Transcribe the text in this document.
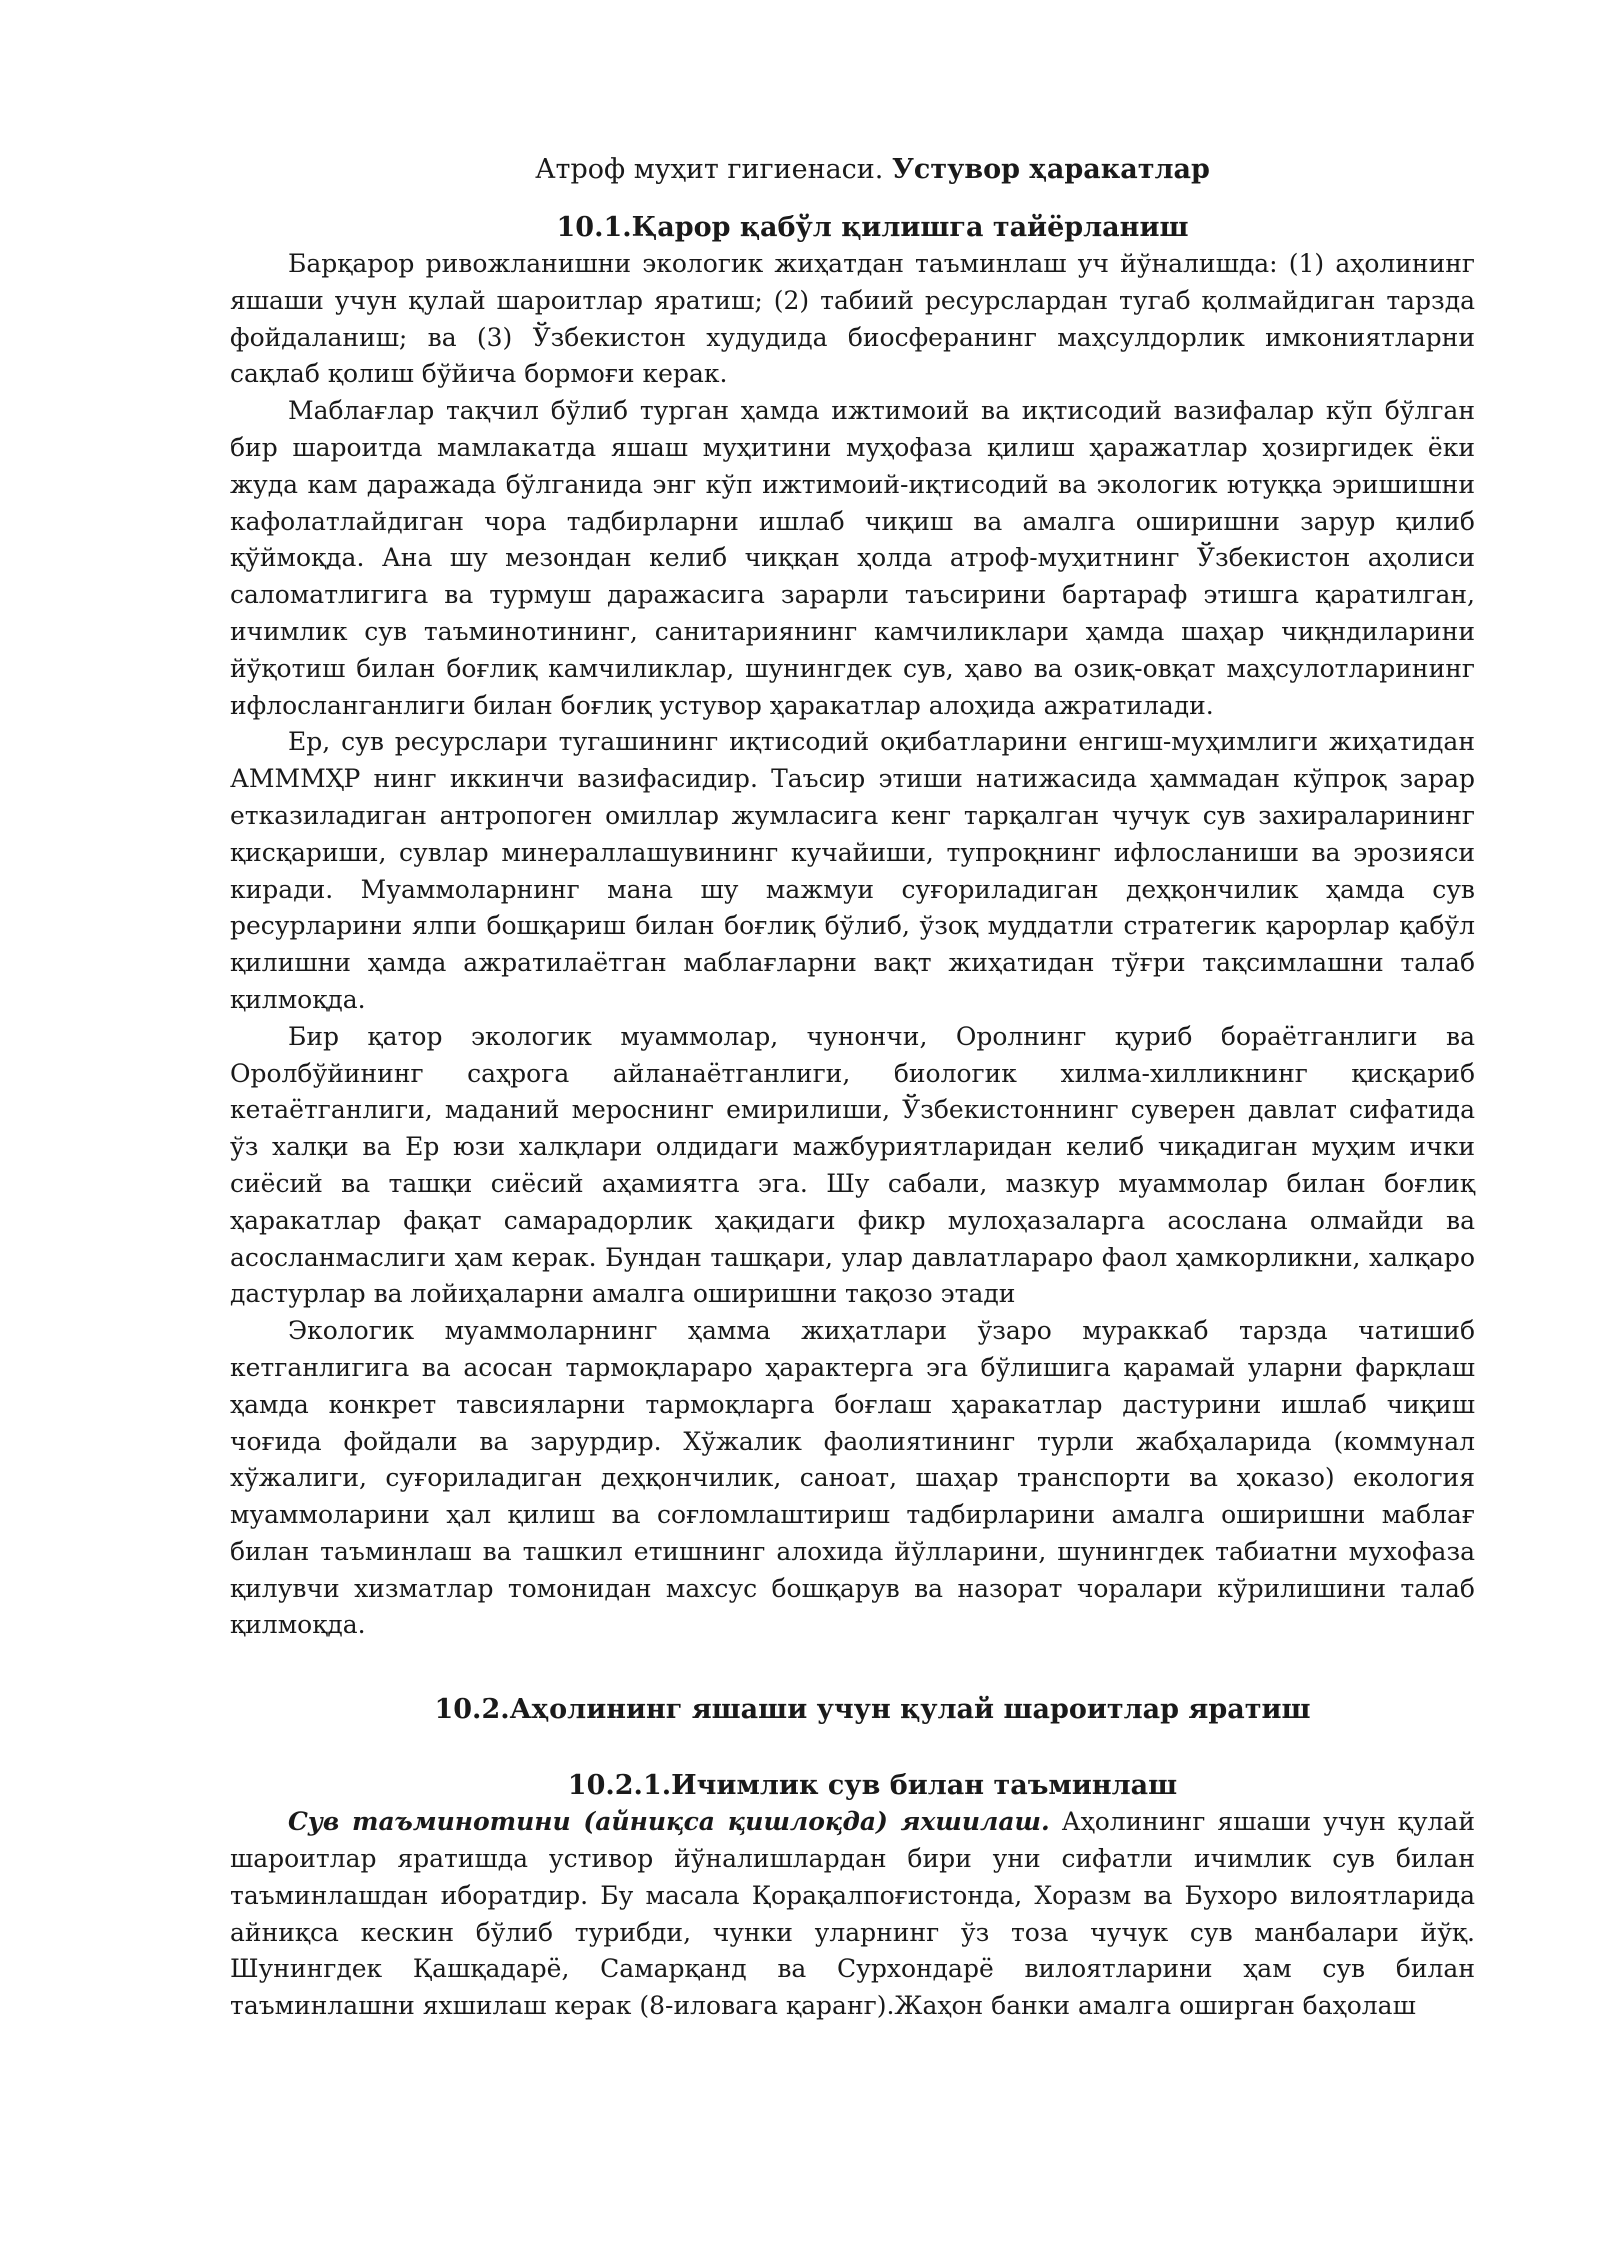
Атроф муҳит гигиенаси. Устувор ҳаракатлар
10.1.Қарор қабўл қилишга тайёрланиш

Барқарор ривожланишни экологик жиҳатдан таъминлаш уч йўналишда: (1) аҳолининг яшаши учун қулай шароитлар яратиш; (2) табиий ресурслардан тугаб қолмайдиган тарзда фойдаланиш; ва (3) Ўзбекистон худудида биосферанинг маҳсулдорлик имкониятларни сақлаб қолиш бўйича бормоғи керак.

Маблағлар тақчил бўлиб турган ҳамда ижтимоий ва иқтисодий вазифалар кўп бўлган бир шароитда мамлакатда яшаш муҳитини муҳофаза қилиш ҳаражатлар ҳозиргидек ёки жуда кам даражада бўлганида энг кўп ижтимоий-иқтисодий ва экологик ютуққа эришишни кафолатлайдиган чора тадбирларни ишлаб чиқиш ва амалга оширишни зарур қилиб қўймоқда. Ана шу мезондан келиб чиққан ҳолда атроф-муҳитнинг Ўзбекистон аҳолиси саломатлигига ва турмуш даражасига зарарли таъсирини бартараф этишга қаратилган, ичимлик сув таъминотининг, санитариянинг камчиликлари ҳамда шаҳар чиқндиларини йўқотиш билан боғлиқ камчиликлар, шунингдек сув, ҳаво ва озиқ-овқат маҳсулотларининг ифлосланганлиги билан боғлиқ устувор ҳаракатлар алоҳида ажратилади.

Ер, сув ресурслари тугашининг иқтисодий оқибатларини енгиш-муҳимлиги жиҳатидан АМММҲР нинг иккинчи вазифасидир. Таъсир этиши натижасида ҳаммадан кўпроқ зарар етказиладиган антропоген омиллар жумласига кенг тарқалган чучук сув захираларининг қисқариши, сувлар минераллашувининг кучайиши, тупроқнинг ифлосланиши ва эрозияси киради. Муаммоларнинг мана шу мажмуи суғориладиган деҳқончилик ҳамда сув ресурларини ялпи бошқариш билан боғлиқ бўлиб, ўзоқ муддатли стратегик қарорлар қабўл қилишни ҳамда ажратилаётган маблағларни вақт жиҳатидан тўғри тақсимлашни талаб қилмоқда.

Бир қатор экологик муаммолар, чунончи, Оролнинг қуриб бораётганлиги ва Оролбўйининг саҳрога айланаётганлиги, биологик хилма-хилликнинг қисқариб кетаётганлиги, маданий мероснинг емирилиши, Ўзбекистоннинг суверен давлат сифатида ўз халқи ва Ер юзи халқлари олдидаги мажбуриятларидан келиб чиқадиган муҳим ички сиёсий ва ташқи сиёсий аҳамиятга эга. Шу сабали, мазкур муаммолар билан боғлиқ ҳаракатлар фақат самарадорлик ҳақидаги фикр мулоҳазаларга асослана олмайди ва асосланмаслиги ҳам керак. Бундан ташқари, улар давлатлараро фаол ҳамкорликни, халқаро дастурлар ва лойиҳаларни амалга оширишни тақозо этади

Экологик муаммоларнинг ҳамма жиҳатлари ўзаро мураккаб тарзда чатишиб кетганлигига ва асосан тармоқлараро ҳарактерга эга бўлишига қарамай уларни фарқлаш ҳамда конкрет тавсияларни тармоқларга боғлаш ҳаракатлар дастурини ишлаб чиқиш чоғида фойдали ва зарурдир. Хўжалик фаолиятининг турли жабҳаларида (коммунал хўжалиги, суғориладиган деҳқончилик, саноат, шаҳар транспорти ва ҳоказо) екология муаммоларини ҳал қилиш ва соғломлаштириш тадбирларини амалга оширишни маблағ билан таъминлаш ва ташкил етишнинг алохида йўлларини, шунингдек табиатни мухофаза қилувчи хизматлар томонидан махсус бошқарув ва назорат чоралари кўрилишини талаб қилмоқда.

10.2.Аҳолининг яшаши учун қулай шароитлар яратиш
10.2.1.Ичимлик сув билан таъминлаш

Сув таъминотини (айниқса қишлоқда) яхшилаш. Аҳолининг яшаши учун қулай шароитлар яратишда устивор йўналишлардан бири уни сифатли ичимлик сув билан таъминлашдан иборатдир. Бу масала Қорақалпоғистонда, Хоразм ва Бухоро вилоятларида айниқса кескин бўлиб турибди, чунки уларнинг ўз тоза чучук сув манбалари йўқ. Шунингдек Қашқадарё, Самарқанд ва Сурхондарё вилоятларини ҳам сув билан таъминлашни яхшилаш керак (8-иловага қаранг).Жаҳон банки амалга оширган баҳолаш
